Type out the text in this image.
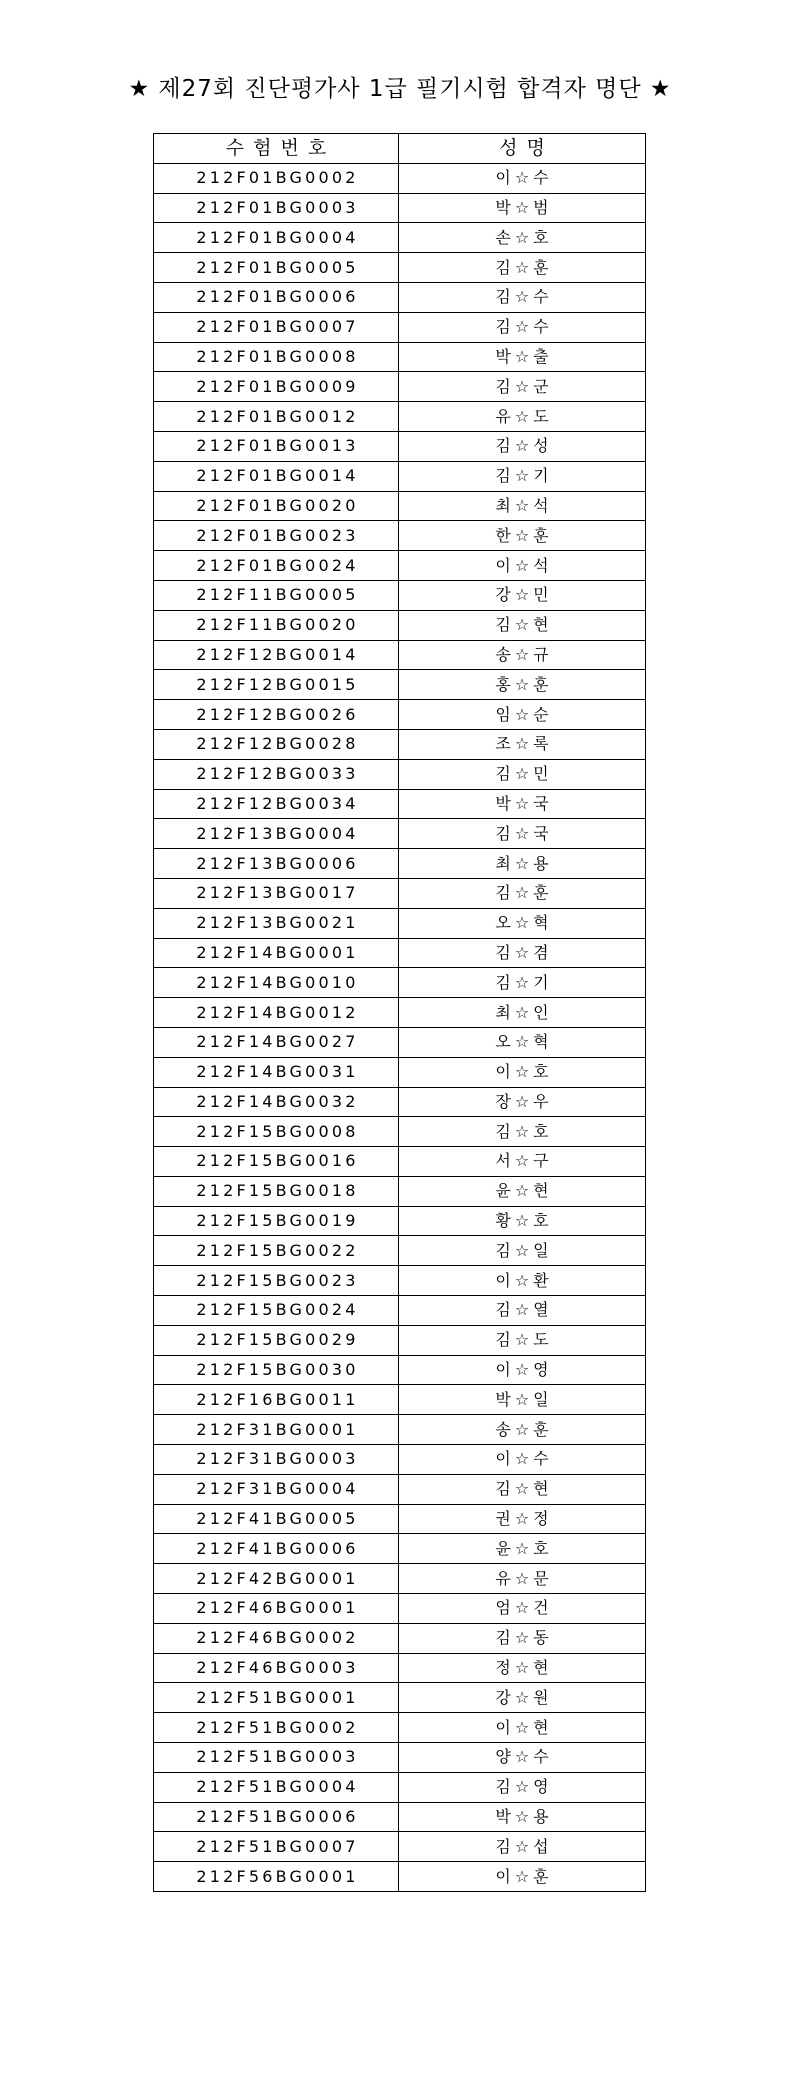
★ 제27회 진단평가사 1급 필기시험 합격자 명단 ★
수험번호	성명
212F01BG0002	이☆수
212F01BG0003	박☆범
212F01BG0004	손☆호
212F01BG0005	김☆훈
212F01BG0006	김☆수
212F01BG0007	김☆수
212F01BG0008	박☆출
212F01BG0009	김☆군
212F01BG0012	유☆도
212F01BG0013	김☆성
212F01BG0014	김☆기
212F01BG0020	최☆석
212F01BG0023	한☆훈
212F01BG0024	이☆석
212F11BG0005	강☆민
212F11BG0020	김☆현
212F12BG0014	송☆규
212F12BG0015	홍☆훈
212F12BG0026	임☆순
212F12BG0028	조☆록
212F12BG0033	김☆민
212F12BG0034	박☆국
212F13BG0004	김☆국
212F13BG0006	최☆용
212F13BG0017	김☆훈
212F13BG0021	오☆혁
212F14BG0001	김☆겸
212F14BG0010	김☆기
212F14BG0012	최☆인
212F14BG0027	오☆혁
212F14BG0031	이☆호
212F14BG0032	장☆우
212F15BG0008	김☆호
212F15BG0016	서☆구
212F15BG0018	윤☆현
212F15BG0019	황☆호
212F15BG0022	김☆일
212F15BG0023	이☆환
212F15BG0024	김☆열
212F15BG0029	김☆도
212F15BG0030	이☆영
212F16BG0011	박☆일
212F31BG0001	송☆훈
212F31BG0003	이☆수
212F31BG0004	김☆현
212F41BG0005	권☆정
212F41BG0006	윤☆호
212F42BG0001	유☆문
212F46BG0001	엄☆건
212F46BG0002	김☆동
212F46BG0003	정☆현
212F51BG0001	강☆원
212F51BG0002	이☆현
212F51BG0003	양☆수
212F51BG0004	김☆영
212F51BG0006	박☆용
212F51BG0007	김☆섭
212F56BG0001	이☆훈
